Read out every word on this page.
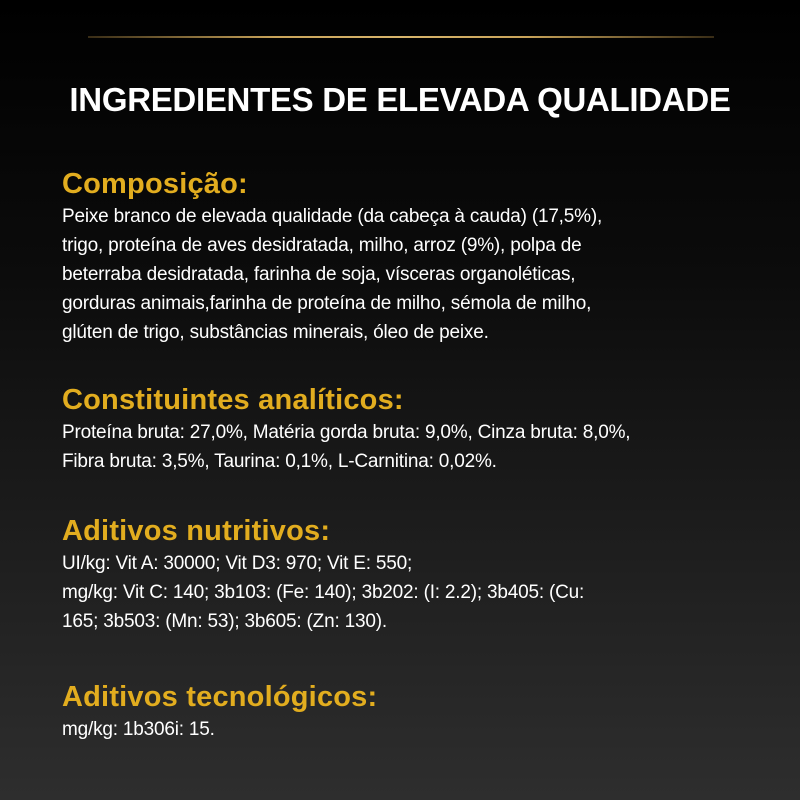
INGREDIENTES DE ELEVADA QUALIDADE
Composição:

Peixe branco de elevada qualidade (da cabeça à cauda) (17,5%),
trigo, proteína de aves desidratada, milho, arroz (9%), polpa de
beterraba desidratada, farinha de soja, vísceras organoléticas,
gorduras animais,farinha de proteína de milho, sémola de milho,
glúten de trigo, substâncias minerais, óleo de peixe.

Constituintes analíticos:

Proteína bruta: 27,0%, Matéria gorda bruta: 9,0%, Cinza bruta: 8,0%,
Fibra bruta: 3,5%, Taurina: 0,1%, L-Carnitina: 0,02%.

Aditivos nutritivos:

UI/kg: Vit A: 30000; Vit D3: 970; Vit E: 550;
mg/kg: Vit C: 140; 3b103: (Fe: 140); 3b202: (I: 2.2); 3b405: (Cu:
165; 3b503: (Mn: 53); 3b605: (Zn: 130).

Aditivos tecnológicos:

mg/kg: 1b306i: 15.
